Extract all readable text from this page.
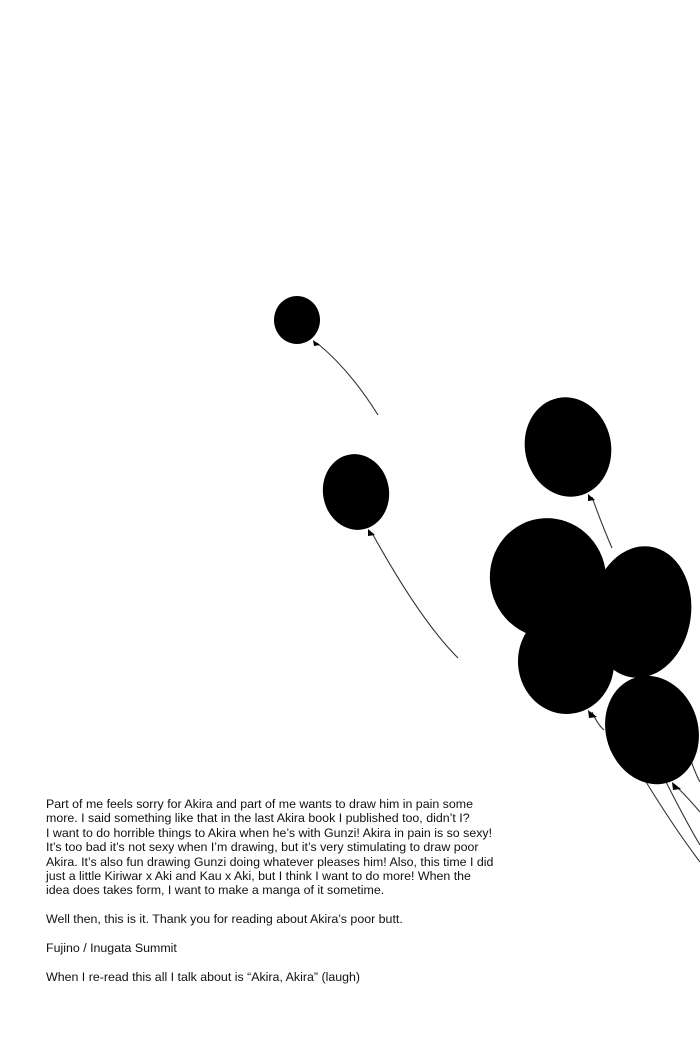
Part of me feels sorry for Akira and part of me wants to draw him in pain some
more. I said something like that in the last Akira book I published too, didn’t I?
I want to do horrible things to Akira when he’s with Gunzi! Akira in pain is so sexy!
It’s too bad it’s not sexy when I’m drawing, but it’s very stimulating to draw poor
Akira. It’s also fun drawing Gunzi doing whatever pleases him! Also, this time I did
just a little Kiriwar x Aki and Kau x Aki, but I think I want to do more! When the
idea does takes form, I want to make a manga of it sometime.

Well then, this is it. Thank you for reading about Akira’s poor butt.

Fujino / Inugata Summit

When I re-read this all I talk about is “Akira, Akira” (laugh)
